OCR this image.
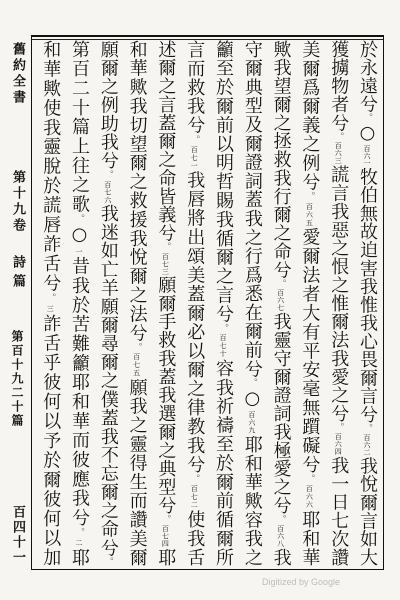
舊約全書
第十九卷
詩篇
第百十九二十篇
百四十一
於永遠兮。○百六一牧伯無故迫害我惟我心畏爾言兮。百六二我悅爾言如大
獲擄物者兮。百六三謊言我惡之恨之惟爾法我愛之兮。百六四我一日七次讚
美爾爲爾義之例兮。百六五愛爾法者大有平安毫無躓礙兮。百六六耶和華
歟我望爾之拯救我行爾之命兮。百六七我靈守爾證詞我極愛之兮。百六八我
守爾典型及爾證詞蓋我之行爲悉在爾前兮。○百六九耶和華歟容我之
籲至於爾前以明哲賜我循爾之言兮。百七十容我祈禱至於爾前循爾所
言而救我兮。百七一我唇將出頌美蓋爾必以爾之律教我兮。百七二使我舌
述爾之言蓋爾之命皆義兮。百七三願爾手救我蓋我選爾之典型兮。百七四耶
和華歟我切望爾之救援我悅爾之法兮。百七五願我之靈得生而讚美爾
願爾之例助我兮。百七六我迷如亡羊願爾尋爾之僕蓋我不忘爾之命兮。
第百二十篇上往之歌。○一昔我於苦難籲耶和華而彼應我兮。二耶
和華歟使我靈脫於謊唇詐舌兮。三詐舌乎彼何以予於爾彼何以加
Digitized by Google
